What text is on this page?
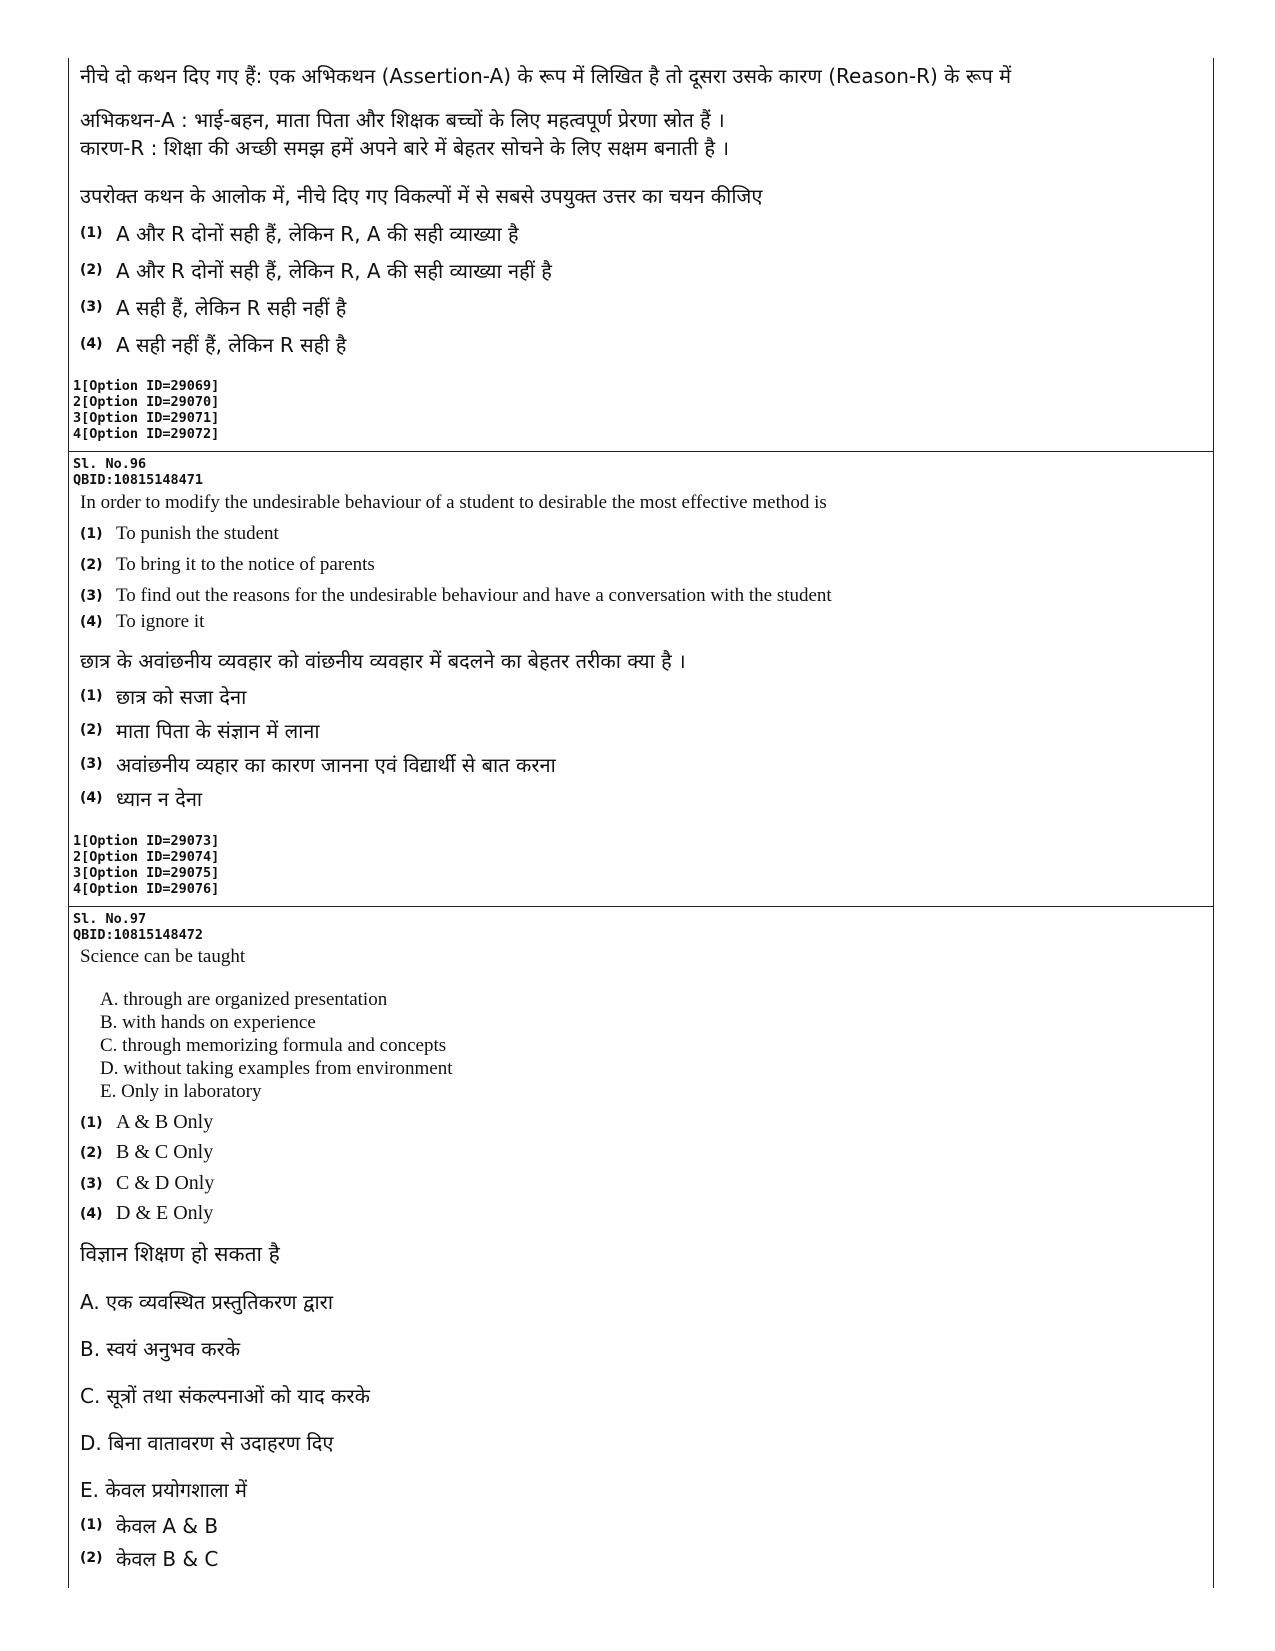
नीचे दो कथन दिए गए हैं: एक अभिकथन (Assertion-A) के रूप में लिखित है तो दूसरा उसके कारण (Reason-R) के रूप में
अभिकथन-A : भाई-बहन, माता पिता और शिक्षक बच्चों के लिए महत्वपूर्ण प्रेरणा स्रोत हैं ।
कारण-R : शिक्षा की अच्छी समझ हमें अपने बारे में बेहतर सोचने के लिए सक्षम बनाती है ।
उपरोक्त कथन के आलोक में, नीचे दिए गए विकल्पों में से सबसे उपयुक्त उत्तर का चयन कीजिए
(1) A और R दोनों सही हैं, लेकिन R, A की सही व्याख्या है
(2) A और R दोनों सही हैं, लेकिन R, A की सही व्याख्या नहीं है
(3) A सही हैं, लेकिन R सही नहीं है
(4) A सही नहीं हैं, लेकिन R सही है
1[Option ID=29069]
2[Option ID=29070]
3[Option ID=29071]
4[Option ID=29072]
Sl. No.96
QBID:10815148471
In order to modify the undesirable behaviour of a student to desirable the most effective method is
(1) To punish the student
(2) To bring it to the notice of parents
(3) To find out the reasons for the undesirable behaviour and have a conversation with the student
(4) To ignore it
छात्र के अवांछनीय व्यवहार को वांछनीय व्यवहार में बदलने का बेहतर तरीका क्या है ।
(1) छात्र को सजा देना
(2) माता पिता के संज्ञान में लाना
(3) अवांछनीय व्यहार का कारण जानना एवं विद्यार्थी से बात करना
(4) ध्यान न देना
1[Option ID=29073]
2[Option ID=29074]
3[Option ID=29075]
4[Option ID=29076]
Sl. No.97
QBID:10815148472
Science can be taught
A. through are organized presentation
B. with hands on experience
C. through memorizing formula and concepts
D. without taking examples from environment
E. Only in laboratory
(1) A & B Only
(2) B & C Only
(3) C & D Only
(4) D & E Only
विज्ञान शिक्षण हो सकता है
A. एक व्यवस्थित प्रस्तुतिकरण द्वारा
B. स्वयं अनुभव करके
C. सूत्रों तथा संकल्पनाओं को याद करके
D. बिना वातावरण से उदाहरण दिए
E. केवल प्रयोगशाला में
(1) केवल A & B
(2) केवल B & C
